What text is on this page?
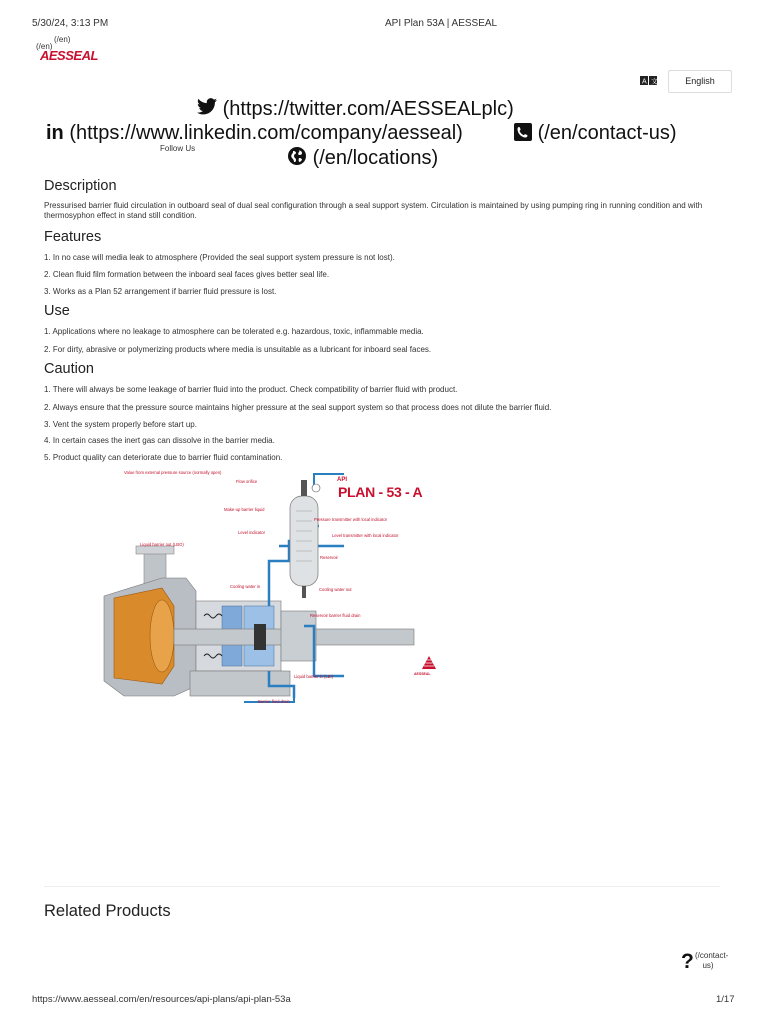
5/30/24, 3:13 PM	API Plan 53A | AESSEAL
(/en)
(/en)
AESSEAL
A 文	English
(https://twitter.com/AESSEALplc)
in (https://www.linkedin.com/company/aesseal)	(/en/contact-us)
Follow Us	(/en/locations)
Description
Pressurised barrier fluid circulation in outboard seal of dual seal configuration through a seal support system. Circulation is maintained by using pumping ring in running condition and with thermosyphon effect in stand still condition.
Features
1. In no case will media leak to atmosphere (Provided the seal support system pressure is not lost).
2. Clean fluid film formation between the inboard seal faces gives better seal life.
3. Works as a Plan 52 arrangement if barrier fluid pressure is lost.
Use
1. Applications where no leakage to atmosphere can be tolerated e.g. hazardous, toxic, inflammable media.
2. For dirty, abrasive or polymerizing products where media is unsuitable as a lubricant for inboard seal faces.
Caution
1. There will always be some leakage of barrier fluid into the product. Check compatibility of barrier fluid with product.
2. Always ensure that the pressure source maintains higher pressure at the seal support system so that process does not dilute the barrier fluid.
3. Vent the system properly before start up.
4. In certain cases the inert gas can dissolve in the barrier media.
5. Product quality can deteriorate due to barrier fluid contamination.
API
PLAN - 53 - A
Value from external pressure source (normally open)
Flow orifice
Make-up barrier liquid
Pressure transmitter with local indicator
Level indicator
Level transmitter with local indicator
Liquid barrier out (LBO)
Reservoir
Cooling water in
Cooling water out
Reservoir barrier fluid drain
Liquid barrier in (LBI)
Barrier fluid drain
AESSEAL
Related Products
? (/contact-us)
https://www.aesseal.com/en/resources/api-plans/api-plan-53a	1/17
